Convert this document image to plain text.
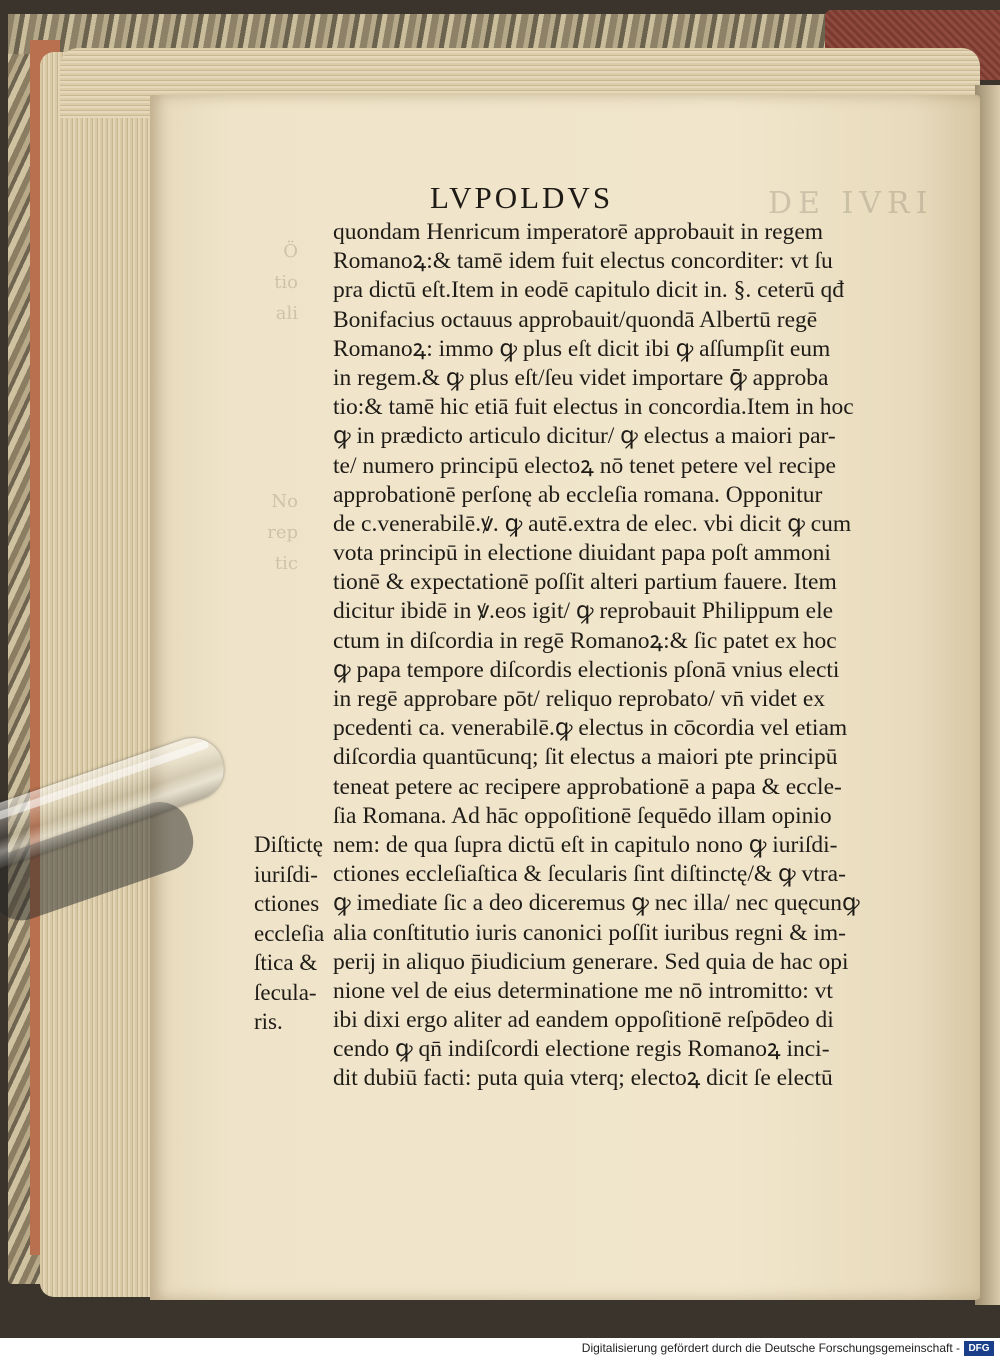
DE IVRI
Ö
tio
ali
No
rep
tic
LVPOLDVS
quondam Henricum imperatorē approbauit in regem
Romanoꝝ:& tamē idem fuit electus concorditer: vt ſu
pra dictū eſt.Item in eodē capitulo dicit in. §. ceterū qđ
Bonifacius octauus approbauit/quondā Albertū regē
Romanoꝝ: immo ꝙ plus eſt dicit ibi ꝙ aſſumpſit eum
in regem.& ꝙ plus eſt/ſeu videt importare ꝙ̄ approba
tio:& tamē hic etiā fuit electus in concordia.Item in hoc
ꝙ in prædicto articulo dicitur/ ꝙ electus a maiori par-
te/ numero principū electoꝝ nō tenet petere vel recipe
approbationē perſonę ab eccleſia romana. Opponitur
de c.venerabilē.ꝟ. ꝙ autē.extra de elec. vbi dicit ꝙ cum
vota principū in electione diuidant papa poſt ammoni
tionē & expectationē poſſit alteri partium fauere. Item
dicitur ibidē in ꝟ.eos igit/ ꝙ reprobauit Philippum ele
ctum in diſcordia in regē Romanoꝝ:& ſic patet ex hoc
ꝙ papa tempore diſcordis electionis pſonā vnius electi
in regē approbare pōt/ reliquo reprobato/ vn̄ videt ex
pcedenti ca. venerabilē.ꝙ electus in cōcordia vel etiam
diſcordia quantūcunq; ſit electus a maiori pte principū
teneat petere ac recipere approbationē a papa & eccle-
ſia Romana. Ad hāc oppoſitionē ſequēdo illam opinio
nem: de qua ſupra dictū eſt in capitulo nono ꝙ iuriſdi-
ctiones eccleſiaſtica & ſecularis ſint diſtinctę/& ꝙ vtra-
ꝙ imediate ſic a deo diceremus ꝙ nec illa/ nec quęcunꝙ
alia conſtitutio iuris canonici poſſit iuribus regni & im-
perij in aliquo p̄iudicium generare. Sed quia de hac opi
nione vel de eius determinatione me nō intromitto: vt
ibi dixi ergo aliter ad eandem oppoſitionē reſpōdeo di
cendo ꝙ qn̄ indiſcordi electione regis Romanoꝝ inci-
dit dubiū facti: puta quia vterq; electoꝝ dicit ſe electū
Diſtictę
iuriſdi-
ctiones
eccleſia
ſtica &
ſecula-
ris.
Digitalisierung gefördert durch die Deutsche Forschungsgemeinschaft - DFG
